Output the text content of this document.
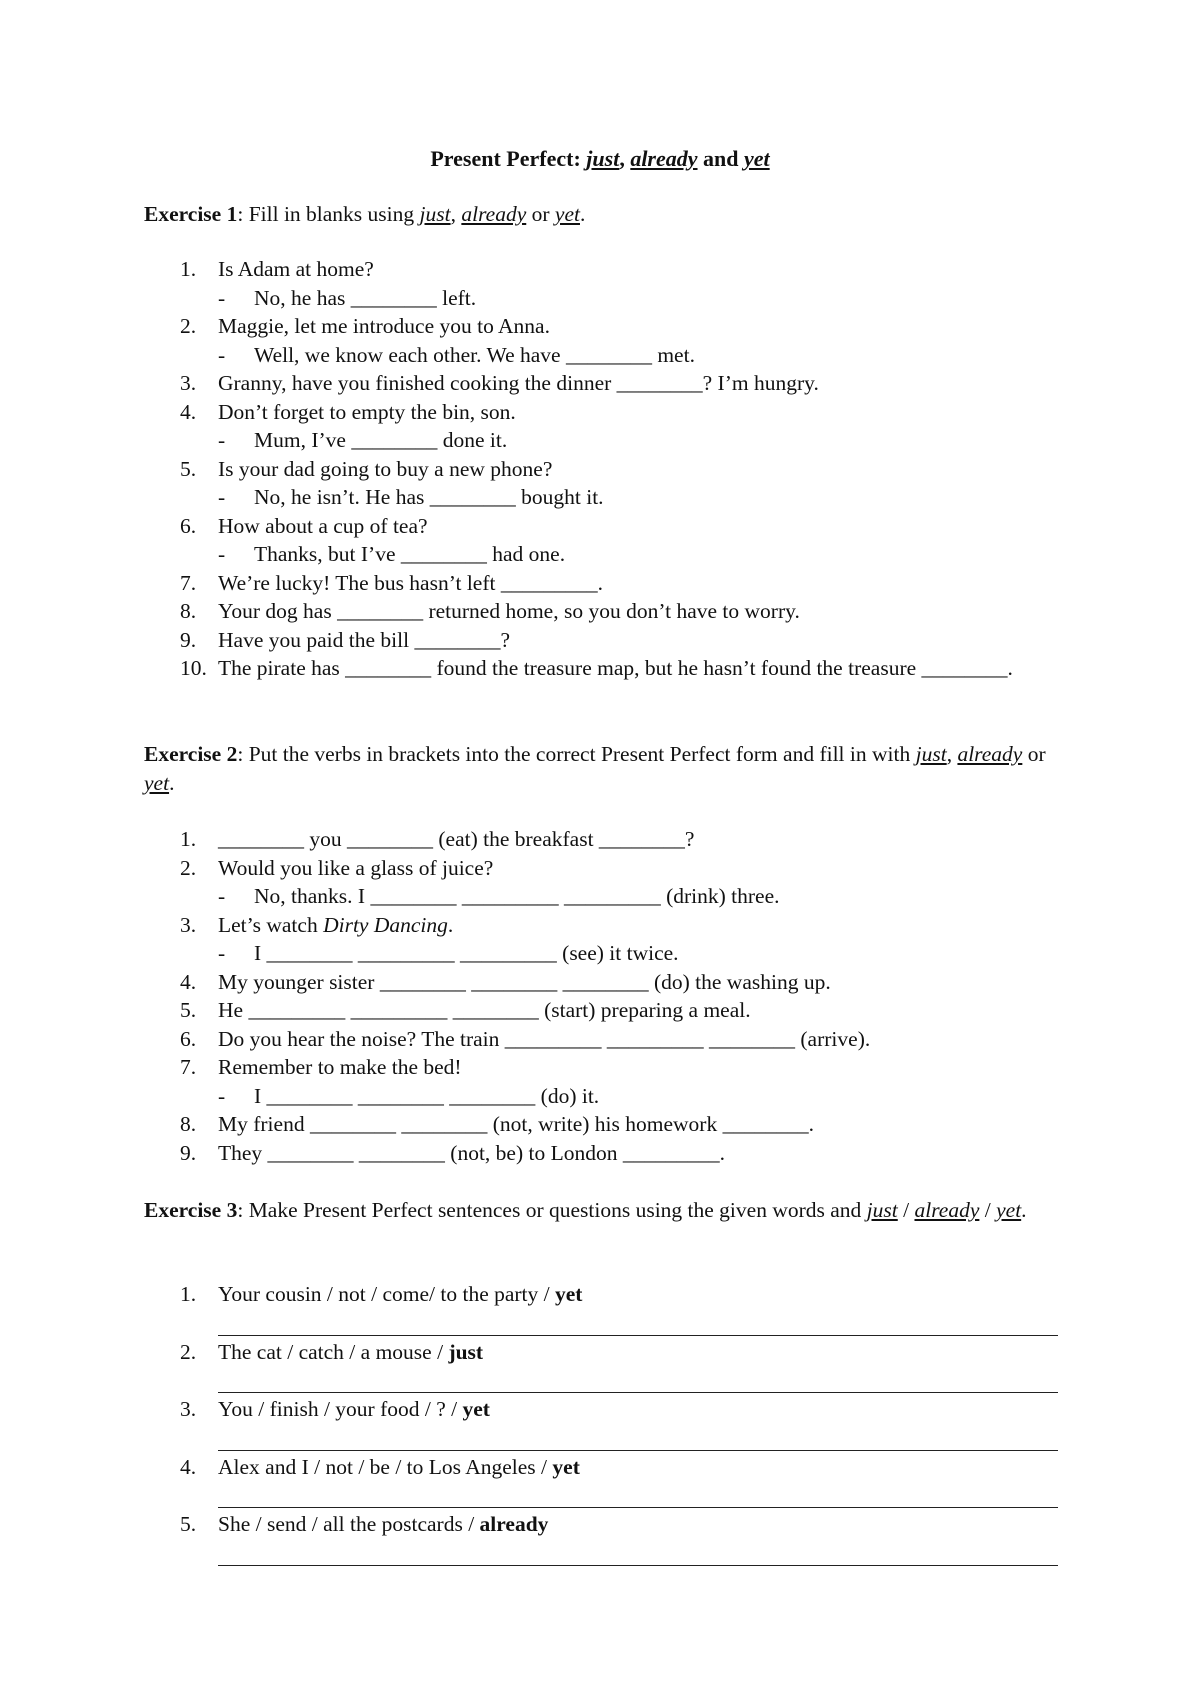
Present Perfect: just, already and yet
Exercise 1: Fill in blanks using just, already or yet.
1.	Is Adam at home?
- No, he has ________ left.
2.	Maggie, let me introduce you to Anna.
- Well, we know each other. We have ________ met.
3.	Granny, have you finished cooking the dinner ________? I’m hungry.
4.	Don’t forget to empty the bin, son.
- Mum, I’ve ________ done it.
5.	Is your dad going to buy a new phone?
- No, he isn’t. He has ________ bought it.
6.	How about a cup of tea?
- Thanks, but I’ve ________ had one.
7.	We’re lucky! The bus hasn’t left _________.
8.	Your dog has ________ returned home, so you don’t have to worry.
9.	Have you paid the bill ________?
10. The pirate has ________ found the treasure map, but he hasn’t found the treasure ________.
Exercise 2: Put the verbs in brackets into the correct Present Perfect form and fill in with just, already or yet.
1.	________ you ________ (eat) the breakfast ________?
2.	Would you like a glass of juice?
- No, thanks. I ________ _________ _________ (drink) three.
3.	Let’s watch Dirty Dancing.
- I ________ _________ _________ (see) it twice.
4.	My younger sister ________ ________ ________ (do) the washing up.
5.	He _________ _________ ________ (start) preparing a meal.
6.	Do you hear the noise? The train _________ _________ ________ (arrive).
7.	Remember to make the bed!
- I ________ ________ ________ (do) it.
8.	My friend ________ ________ (not, write) his homework ________.
9.	They ________ ________ (not, be) to London _________.
Exercise 3: Make Present Perfect sentences or questions using the given words and just / already / yet.
1.	Your cousin / not / come/ to the party / yet
2.	The cat / catch / a mouse / just
3.	You / finish / your food / ? / yet
4.	Alex and I / not / be / to Los Angeles / yet
5.	She / send / all the postcards / already
